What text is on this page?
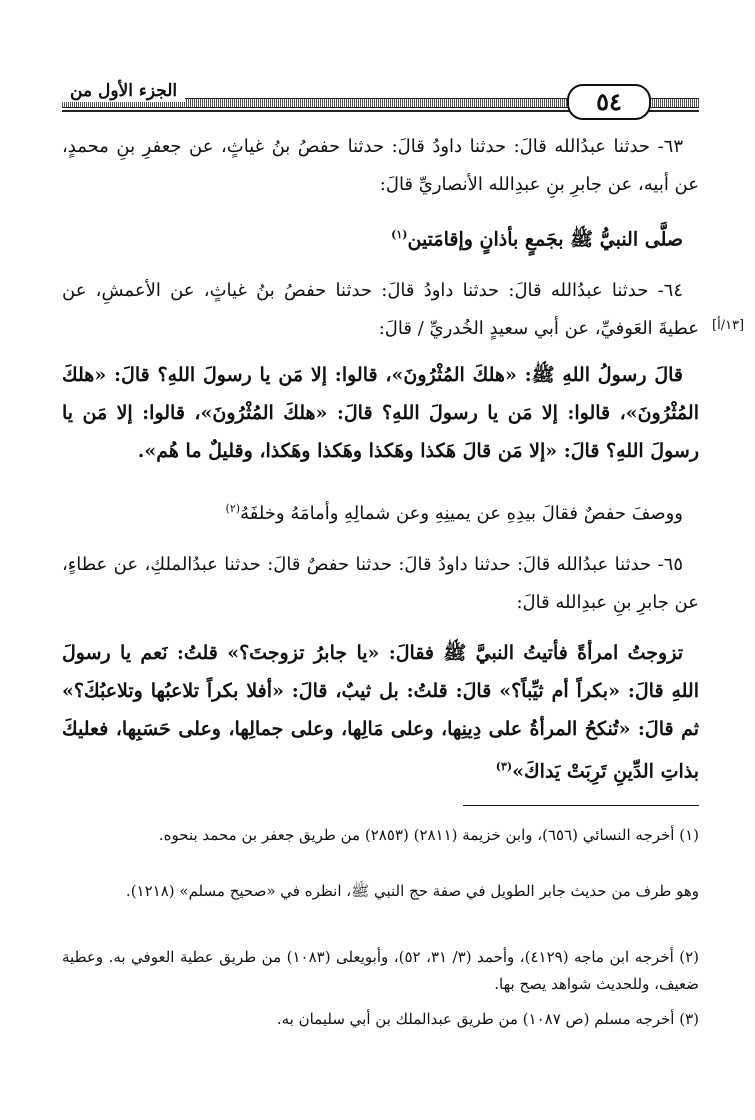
الجزء الأول من	٥٤
[١٣/أ]

٦٣- حدثنا عبدُالله قالَ: حدثنا داودُ قالَ: حدثنا حفصُ بنُ غياثٍ، عن جعفرِ بنِ محمدٍ، عن أبيه، عن جابرِ بنِ عبدِالله الأنصاريِّ قالَ:

صلَّى النبيُّ ﷺ بجَمعٍ بأذانٍ وإقامَتين$^{(١)}$

٦٤- حدثنا عبدُالله قالَ: حدثنا داودُ قالَ: حدثنا حفصُ بنُ غياثٍ، عن الأعمشِ، عن عطيةَ العَوفيِّ، عن أبي سعيدٍ الخُدريِّ / قالَ:

قالَ رسولُ اللهِ ﷺ: «هلكَ المُثْرُونَ»، قالوا: إلا مَن يا رسولَ اللهِ؟ قالَ: «هلكَ المُثْرُونَ»، قالوا: إلا مَن يا رسولَ اللهِ؟ قالَ: «هلكَ المُثْرُونَ»، قالوا: إلا مَن يا رسولَ اللهِ؟ قالَ: «إلا مَن قالَ هَكذا وهَكذا وهَكذا وهَكذا، وقليلٌ ما هُم».

ووصفَ حفصٌ فقالَ بيدِهِ عن يمينِهِ وعن شمالِهِ وأمامَهُ وخلفَهُ$^{(٢)}$

٦٥- حدثنا عبدُالله قالَ: حدثنا داودُ قالَ: حدثنا حفصٌ قالَ: حدثنا عبدُالملكِ، عن عطاءٍ، عن جابرِ بنِ عبدِالله قالَ:

تزوجتُ امرأةً فأتيتُ النبيَّ ﷺ فقالَ: «يا جابرُ تزوجتَ؟» قلتُ: نَعم يا رسولَ اللهِ قالَ: «بكراً أم ثيِّباً؟» قالَ: قلتُ: بل ثيبٌ، قالَ: «أفلا بكراً تلاعبُها وتلاعبُكَ؟» ثم قالَ: «تُنكحُ المرأةُ على دِينِها، وعلى مَالِها، وعلى جمالِها، وعلى حَسَبِها، فعليكَ بذاتِ الدِّينِ تَرِبَتْ يَداكَ»$^{(٣)}$

(١) أخرجه النسائي (٦٥٦)، وابن خزيمة (٢٨١١) (٢٨٥٣) من طريق جعفر بن محمد بنحوه.
وهو طرف من حديث جابر الطويل في صفة حج النبي ﷺ، انظره في «صحيح مسلم» (١٢١٨).
(٢) أخرجه ابن ماجه (٤١٢٩)، وأحمد (٣/ ٣١، ٥٢)، وأبويعلى (١٠٨٣) من طريق عطية العوفي به. وعطية ضعيف، وللحديث شواهد يصح بها.
(٣) أخرجه مسلم (ص ١٠٨٧) من طريق عبدالملك بن أبي سليمان به.
